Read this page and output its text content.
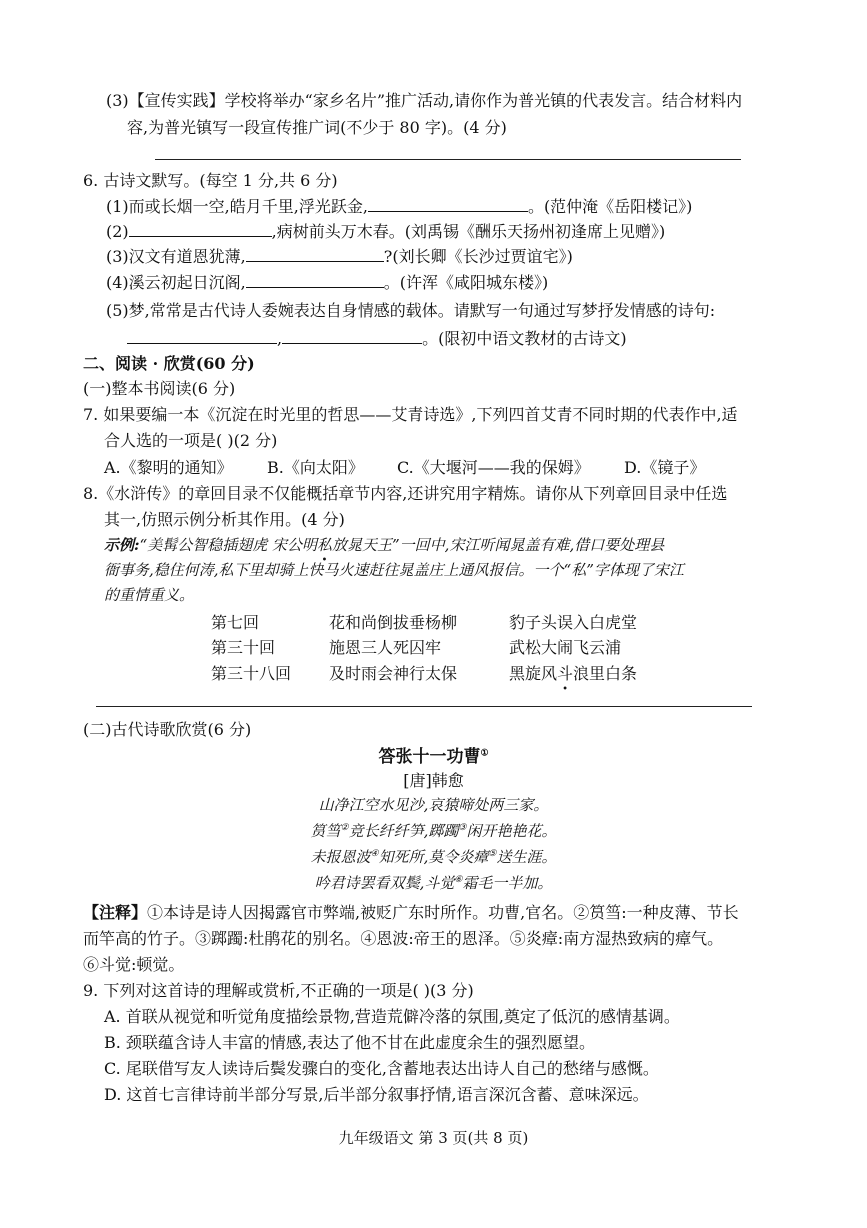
(3)【宣传实践】学校将举办“家乡名片”推广活动,请你作为普光镇的代表发言。结合材料内
容,为普光镇写一段宣传推广词(不少于 80 字)。(4 分)
6. 古诗文默写。(每空 1 分,共 6 分)
(1)而或长烟一空,皓月千里,浮光跃金,	。(范仲淹《岳阳楼记》)
(2)	,病树前头万木春。(刘禹锡《酬乐天扬州初逢席上见赠》)
(3)汉文有道恩犹薄,	?(刘长卿《长沙过贾谊宅》)
(4)溪云初起日沉阁,	。(许浑《咸阳城东楼》)
(5)梦,常常是古代诗人委婉表达自身情感的载体。请默写一句通过写梦抒发情感的诗句:
,	。(限初中语文教材的古诗文)
二、阅读 · 欣赏(60 分)
(一)整本书阅读(6 分)
7. 如果要编一本《沉淀在时光里的哲思——艾青诗选》,下列四首艾青不同时期的代表作中,适
合人选的一项是( )(2 分)
A.《黎明的通知》 B.《向太阳》 C.《大堰河——我的保姆》 D.《镜子》
8.《水浒传》的章回目录不仅能概括章节内容,还讲究用字精炼。请你从下列章回目录中任选
其一,仿照示例分析其作用。(4 分)
示例:“美髯公智稳插翅虎 宋公明私放晁天王”一回中,宋江听闻晁盖有难,借口要处理县
衙事务,稳住何涛,私下里却骑上快马火速赶往晁盖庄上通风报信。一个“私”字体现了宋江
的重情重义。
第七回	花和尚倒拔垂杨柳	豹子头误入白虎堂
第三十回	施恩三人死囚牢	武松大闹飞云浦
第三十八回 及时雨会神行太保	黑旋风斗浪里白条
(二)古代诗歌欣赏(6 分)
答张十一功曹①
[唐]韩愈
山净江空水见沙,哀猿啼处两三家。
筼筜②竞长纤纤笋,踯躅③闲开艳艳花。
未报恩波④知死所,莫令炎瘴⑤送生涯。
吟君诗罢看双鬓,斗觉⑥霜毛一半加。
【注释】①本诗是诗人因揭露官市弊端,被贬广东时所作。功曹,官名。②筼筜:一种皮薄、节长
而竿高的竹子。③踯躅:杜鹃花的别名。④恩波:帝王的恩泽。⑤炎瘴:南方湿热致病的瘴气。
⑥斗觉:顿觉。
9. 下列对这首诗的理解或赏析,不正确的一项是( )(3 分)
A. 首联从视觉和听觉角度描绘景物,营造荒僻冷落的氛围,奠定了低沉的感情基调。
B. 颈联蕴含诗人丰富的情感,表达了他不甘在此虚度余生的强烈愿望。
C. 尾联借写友人读诗后鬓发骤白的变化,含蓄地表达出诗人自己的愁绪与感慨。
D. 这首七言律诗前半部分写景,后半部分叙事抒情,语言深沉含蓄、意味深远。
九年级语文 第 3 页(共 8 页)
